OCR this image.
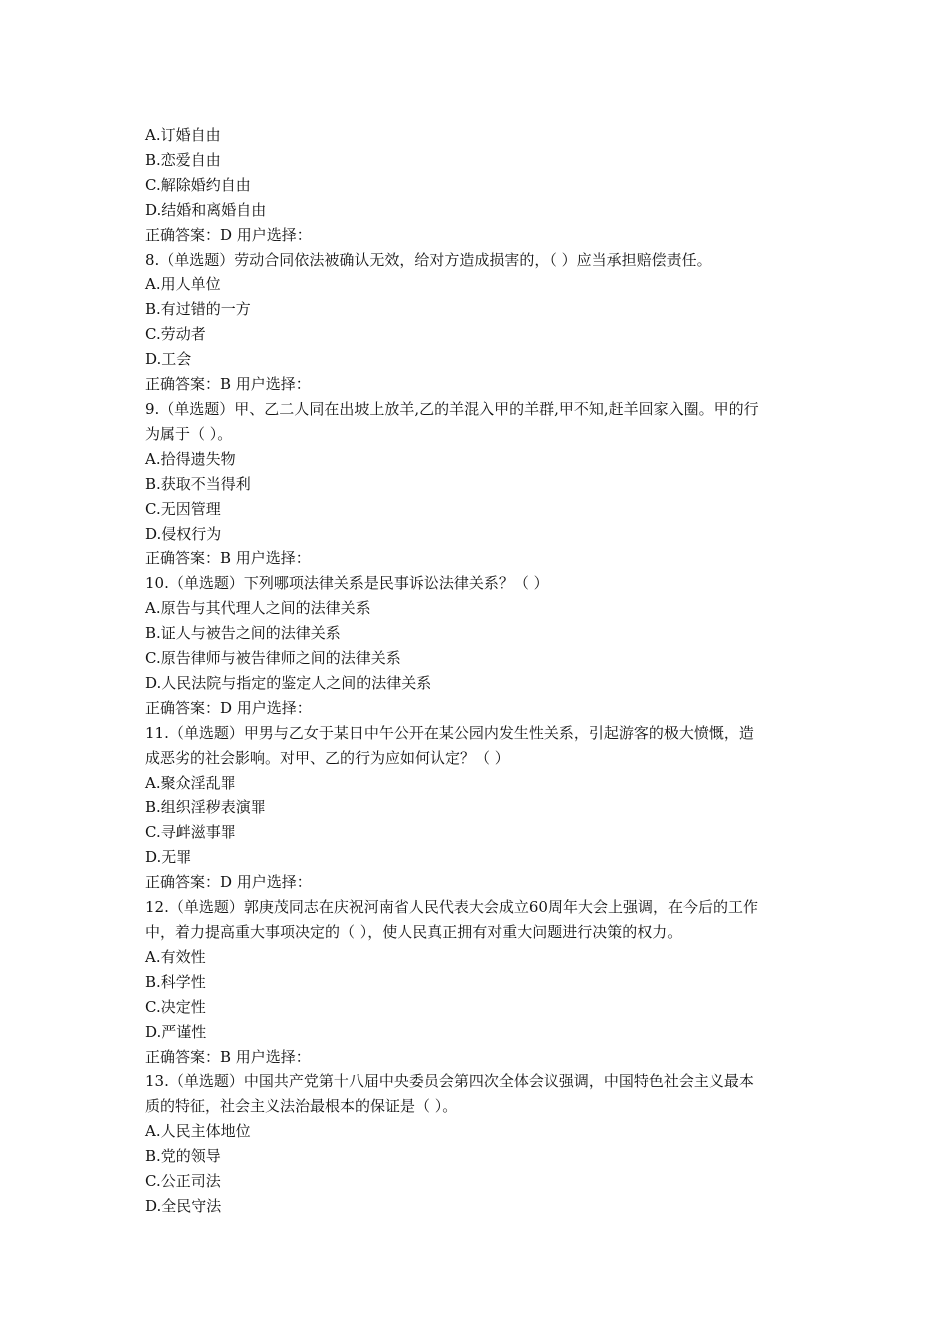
A.订婚自由
B.恋爱自由
C.解除婚约自由
D.结婚和离婚自由
正确答案：D 用户选择：
8.（单选题）劳动合同依法被确认无效，给对方造成损害的，（ ）应当承担赔偿责任。
A.用人单位
B.有过错的一方
C.劳动者
D.工会
正确答案：B 用户选择：
9.（单选题）甲、乙二人同在出坡上放羊,乙的羊混入甲的羊群,甲不知,赶羊回家入圈。甲的行
为属于（ ）。
A.拾得遗失物
B.获取不当得利
C.无因管理
D.侵权行为
正确答案：B 用户选择：
10.（单选题）下列哪项法律关系是民事诉讼法律关系？（ ）
A.原告与其代理人之间的法律关系
B.证人与被告之间的法律关系
C.原告律师与被告律师之间的法律关系
D.人民法院与指定的鉴定人之间的法律关系
正确答案：D 用户选择：
11.（单选题）甲男与乙女于某日中午公开在某公园内发生性关系，引起游客的极大愤慨，造
成恶劣的社会影响。对甲、乙的行为应如何认定？（ ）
A.聚众淫乱罪
B.组织淫秽表演罪
C.寻衅滋事罪
D.无罪
正确答案：D 用户选择：
12.（单选题）郭庚茂同志在庆祝河南省人民代表大会成立60周年大会上强调，在今后的工作
中，着力提高重大事项决定的（ ），使人民真正拥有对重大问题进行决策的权力。
A.有效性
B.科学性
C.决定性
D.严谨性
正确答案：B 用户选择：
13.（单选题）中国共产党第十八届中央委员会第四次全体会议强调，中国特色社会主义最本
质的特征，社会主义法治最根本的保证是（ ）。
A.人民主体地位
B.党的领导
C.公正司法
D.全民守法
